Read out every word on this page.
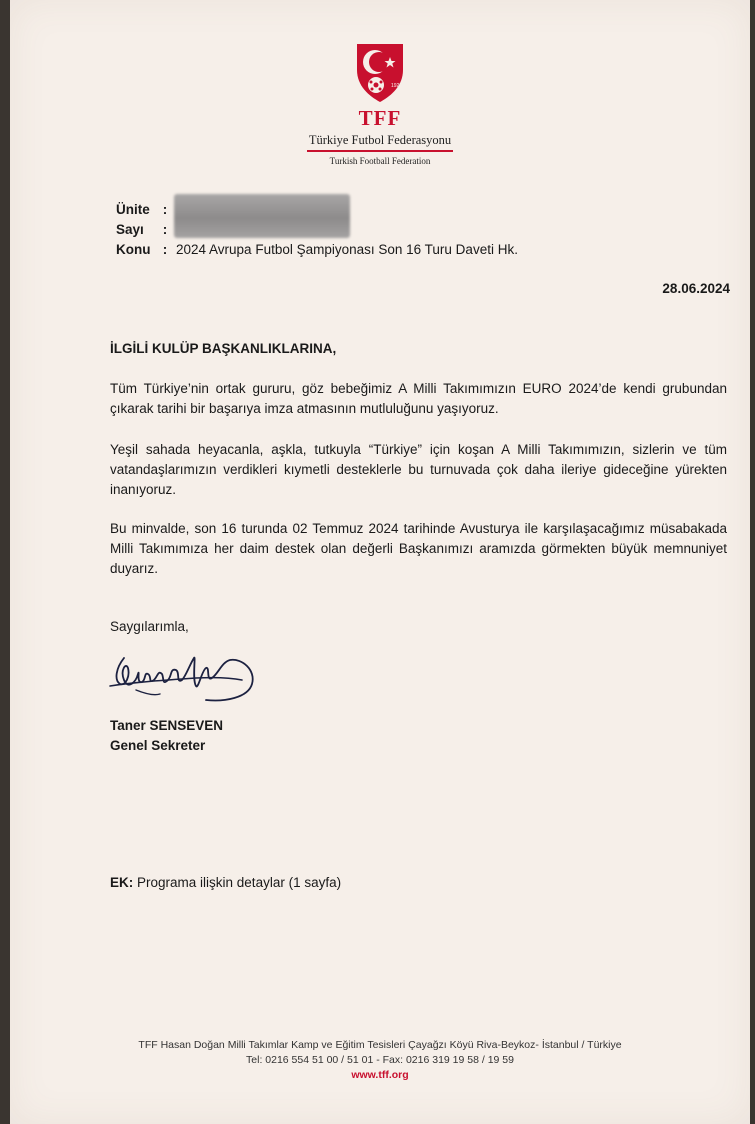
1923
TFF
Türkiye Futbol Federasyonu
Turkish Football Federation
Ünite :
Sayı	:
Konu : 2024 Avrupa Futbol Şampiyonası Son 16 Turu Daveti Hk.
28.06.2024
İLGİLİ KULÜP BAŞKANLIKLARINA,
Tüm Türkiye’nin ortak gururu, göz bebeğimiz A Milli Takımımızın EURO 2024’de kendi grubundan çıkarak tarihi bir başarıya imza atmasının mutluluğunu yaşıyoruz.
Yeşil sahada heyacanla, aşkla, tutkuyla “Türkiye” için koşan A Milli Takımımızın, sizlerin ve tüm vatandaşlarımızın verdikleri kıymetli desteklerle bu turnuvada çok daha ileriye gideceğine yürekten inanıyoruz.
Bu minvalde, son 16 turunda 02 Temmuz 2024 tarihinde Avusturya ile karşılaşacağımız müsabakada Milli Takımımıza her daim destek olan değerli Başkanımızı aramızda görmekten büyük memnuniyet duyarız.
Saygılarımla,
Taner SENSEVEN
Genel Sekreter
EK: Programa ilişkin detaylar (1 sayfa)
TFF Hasan Doğan Milli Takımlar Kamp ve Eğitim Tesisleri Çayağzı Köyü Riva-Beykoz- İstanbul / Türkiye
Tel: 0216 554 51 00 / 51 01 - Fax: 0216 319 19 58 / 19 59
www.tff.org
